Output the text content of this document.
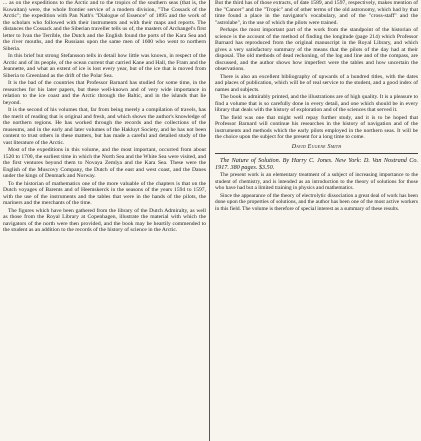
... as on the expeditions to the Arctic and to the tropics of the southern seas (that is, the Kuwaitan) were, the whole frontier service of a modern division, "The Cossack of the Arctic"; the expedition with Pan Nath's "Dialogue of Essence" of 1895 and the work of the scholars who followed with their instruments and with their maps and reports. The distances the Cossack and the Siberian traveller tells us of, the masters of Archangel's first letter to Ivan the Terrible, the Dutch and the English found the ports of the Kara Sea and the river mouths, and the Russians upon the same men of 1600 who went to northern Siberia.

In this brief but strong Stefansson tells in detail how little was known, in respect of the Arctic and of its people, of the ocean current that carried Kane and Hall, the Fram and the Jeannette, and what an extent of ice is lost every year, but of the ice that is moved from Siberia to Greenland as the drift of the Polar Sea.

It is the bad of the countries that Professor Barnard has studied for some time, in the researches for his later papers, but these well-known and of very wide importance in relation to the ice coast and the Arctic through the Baltic, and in the islands that lie beyond.

It is the second of his volumes that, far from being merely a compilation of travels, has the merit of reading that is original and fresh, and which shows the author's knowledge of the northern regions. He has worked through the records and the collections of the museums, and in the early and later volumes of the Hakluyt Society, and he has not been content to trust others in these matters, but has made a careful and detailed study of the vast literature of the Arctic.

Most of the expeditions in this volume, and the most important, occurred from about 1520 to 1700, the earliest time in which the North Sea and the White Sea were visited, and the first ventures beyond them to Novaya Zemlya and the Kara Sea. These were the English of the Muscovy Company, the Dutch of the east and west coast, and the Danes under the kings of Denmark and Norway.

To the historian of mathematics one of the more valuable of the chapters is that on the Dutch voyages of Barents and of Heemskerck in the seasons of the years 1594 to 1597, with the use of the instruments and the tables that were in the hands of the pilots, the mariners and the merchants of the time.

The figures which have been gathered from the library of the Dutch Admiralty, as well as those from the Royal Library at Copenhagen, illustrate the material with which the navigators of the north were then provided, and the book may be heartily commended to the student as an addition to the records of the history of science in the Arctic.

But the third has of those extracts, of date 1589, and 1597, respectively, makes mention of the "Cancer" and the "Tropic" and of other terms of the old astronomy, which had by that time found a place in the navigator's vocabulary, and of the "cross-staff" and the "astrolabe", in the use of which the pilots were trained.

Perhaps the most important part of the work from the standpoint of the historian of science is the account of the method of finding the longitude (page 214) which Professor Barnard has reproduced from the original manuscript in the Royal Library, and which gives a very satisfactory summary of the means that the pilots of the day had at their disposal. The old methods of dead reckoning, of the log and line and of the compass, are discussed, and the author shows how imperfect were the tables and how uncertain the observations.

There is also an excellent bibliography of upwards of a hundred titles, with the dates and places of publication, which will be of real service to the student, and a good index of names and subjects.

The book is admirably printed, and the illustrations are of high quality. It is a pleasure to find a volume that is so carefully done in every detail, and one which should be in every library that deals with the history of exploration and of the sciences that served it.

The field was one that might well repay further study, and it is to be hoped that Professor Barnard will continue his researches in the history of navigation and of the instruments and methods which the early pilots employed in the northern seas. It will be the choice upon the subject for the present for a long time to come.

David Eugene Smith

The Nature of Solution. By Harry C. Jones. New York: D. Van Nostrand Co. 1917. 380 pages. $3.50.

The present work is an elementary treatment of a subject of increasing importance to the student of chemistry, and is intended as an introduction to the theory of solutions for those who have had but a limited training in physics and mathematics.

Since the appearance of the theory of electrolytic dissociation a great deal of work has been done upon the properties of solutions, and the author has been one of the most active workers in this field. The volume is therefore of special interest as a summary of these results.
